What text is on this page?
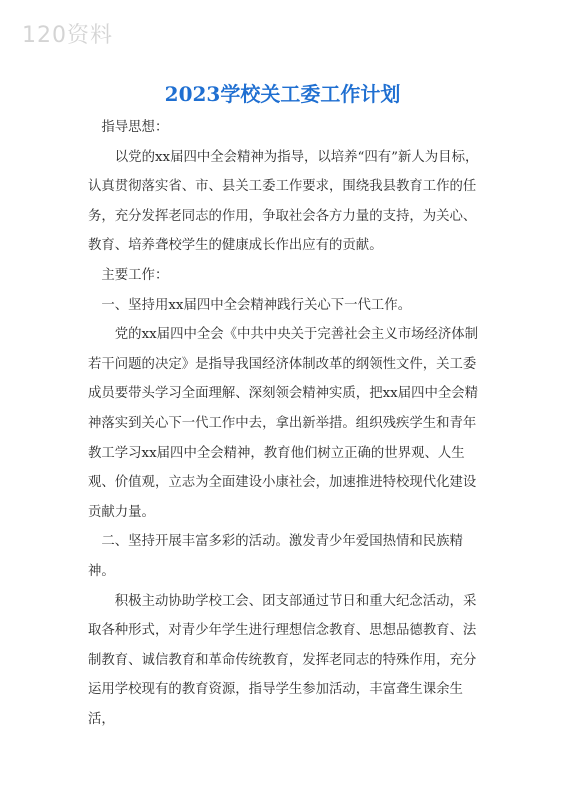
120资料
2023学校关工委工作计划

指导思想：

以党的xx届四中全会精神为指导，以培养“四有”新人为目标，认真贯彻落实省、市、县关工委工作要求，围绕我县教育工作的任务，充分发挥老同志的作用，争取社会各方力量的支持，为关心、教育、培养聋校学生的健康成长作出应有的贡献。

主要工作：

一、坚持用xx届四中全会精神践行关心下一代工作。

党的xx届四中全会《中共中央关于完善社会主义市场经济体制若干问题的决定》是指导我国经济体制改革的纲领性文件，关工委成员要带头学习全面理解、深刻领会精神实质，把xx届四中全会精神落实到关心下一代工作中去，拿出新举措。组织残疾学生和青年教工学习xx届四中全会精神，教育他们树立正确的世界观、人生观、价值观，立志为全面建设小康社会，加速推进特校现代化建设贡献力量。

二、坚持开展丰富多彩的活动。激发青少年爱国热情和民族精神。

积极主动协助学校工会、团支部通过节日和重大纪念活动，采取各种形式，对青少年学生进行理想信念教育、思想品德教育、法制教育、诚信教育和革命传统教育，发挥老同志的特殊作用，充分运用学校现有的教育资源，指导学生参加活动，丰富聋生课余生活，
